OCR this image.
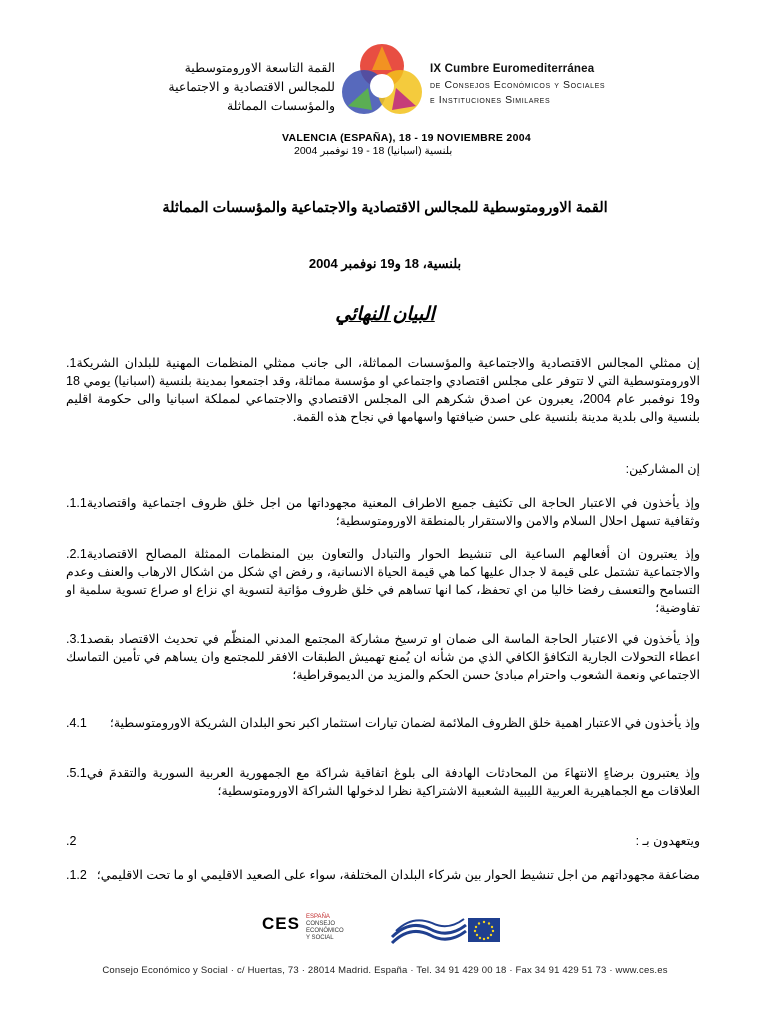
القمة التاسعة الاورومتوسطية
للمجالس الاقتصادية و الاجتماعية
والمؤسسات المماثلة
IX Cumbre Euromediterránea
de Consejos Económicos y Sociales
e Instituciones Similares
VALENCIA (ESPAÑA), 18 - 19 NOVIEMBRE 2004
بلنسية (اسبانيا) 18 - 19 نوفمبر 2004
القمة الاورومتوسطية للمجالس الاقتصادية والاجتماعية والمؤسسات المماثلة
بلنسية، 18 و19 نوفمبر 2004
البيان النهائي
.1 إن ممثلي المجالس الاقتصادية والاجتماعية والمؤسسات المماثلة، الى جانب ممثلي المنظمات المهنية للبلدان الشريكة الاورومتوسطية التي لا تتوفر على مجلس اقتصادي واجتماعي او مؤسسة مماثلة، وقد اجتمعوا بمدينة بلنسية (اسبانيا) يومي 18 و19 نوفمبر عام 2004، يعبرون عن اصدق شكرهم الى المجلس الاقتصادي والاجتماعي لمملكة اسبانيا والى حكومة اقليم بلنسية والى بلدية مدينة بلنسية على حسن ضيافتها واسهامها في نجاح هذه القمة.
إن المشاركين:
.1.1 وإذ يأخذون في الاعتبار الحاجة الى تكثيف جميع الاطراف المعنية مجهوداتها من اجل خلق ظروف اجتماعية واقتصادية وثقافية تسهل احلال السلام والامن والاستقرار بالمنطقة الاورومتوسطية؛
.2.1 وإذ يعتبرون ان أفعالهم الساعية الى تنشيط الحوار والتبادل والتعاون بين المنظمات الممثلة المصالح الاقتصادية والاجتماعية تشتمل على قيمة لا جدال عليها كما هي قيمة الحياة الانسانية، و رفض اي شكل من اشكال الارهاب والعنف وعدم التسامح والتعسف رفضا خاليا من اي تحفظ، كما انها تساهم في خلق ظروف مؤاتية لتسوية اي نزاع او صراع تسوية سلمية او تفاوضية؛
.3.1 وإذ يأخذون في الاعتبار الحاجة الماسة الى ضمان او ترسيخ مشاركة المجتمع المدني المنظّم في تحديث الاقتصاد بقصد اعطاء التحولات الجارية التكافؤ الكافي الذي من شأنه ان يُمنع تهميش الطبقات الافقر للمجتمع وان يساهم في تأمين التماسك الاجتماعي ونعمة الشعوب واحترام مبادئ حسن الحكم والمزيد من الديموقراطية؛
.4.1 وإذ يأخذون في الاعتبار اهمية خلق الظروف الملائمة لضمان تيارات استثمار اكبر نحو البلدان الشريكة الاورومتوسطية؛
.5.1 وإذ يعتبرون برضاءٍ الانتهاءَ من المحادثات الهادفة الى بلوغ اتفاقية شراكة مع الجمهورية العربية السورية والتقدمَ في العلاقات مع الجماهيرية العربية الليبية الشعبية الاشتراكية نظرا لدخولها الشراكة الاورومتوسطية؛
.2	ويتعهدون بـ :
.1.2 مضاعفة مجهوداتهم من اجل تنشيط الحوار بين شركاء البلدان المختلفة، سواء على الصعيد الاقليمي او ما تحت الاقليمي؛
CES ESPAÑA
CONSEJO
ECONÓMICO
Y SOCIAL
Consejo Económico y Social · c/ Huertas, 73 · 28014 Madrid. España · Tel. 34 91 429 00 18 · Fax 34 91 429 51 73 · www.ces.es
